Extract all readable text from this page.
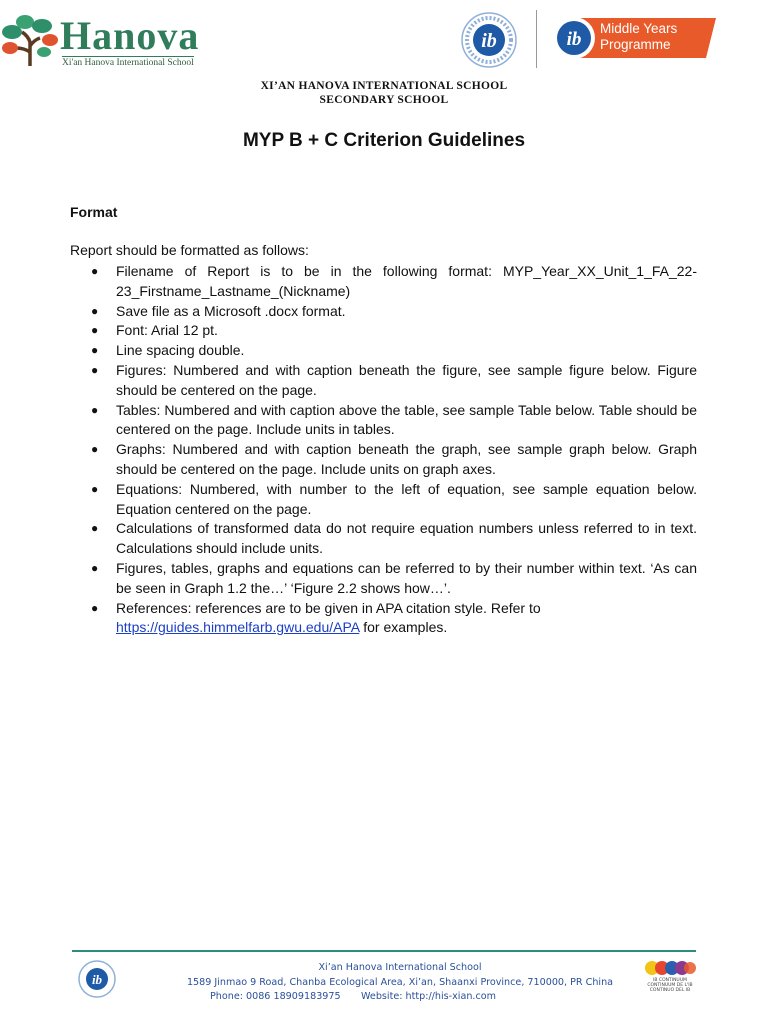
Hanova
Xi'an Hanova International School
ib	ib
Middle Years
Programme
XI’AN HANOVA INTERNATIONAL SCHOOL
SECONDARY SCHOOL
MYP B + C Criterion Guidelines
Format
Report should be formatted as follows:
● Filename of Report is to be in the following format: MYP_Year_XX_Unit_1_FA_22-23_Firstname_Lastname_(Nickname)
● Save file as a Microsoft .docx format.
● Font: Arial 12 pt.
● Line spacing double.
● Figures: Numbered and with caption beneath the figure, see sample figure below. Figure should be centered on the page.
● Tables: Numbered and with caption above the table, see sample Table below. Table should be centered on the page. Include units in tables.
● Graphs: Numbered and with caption beneath the graph, see sample graph below. Graph should be centered on the page. Include units on graph axes.
● Equations: Numbered, with number to the left of equation, see sample equation below. Equation centered on the page.
● Calculations of transformed data do not require equation numbers unless referred to in text. Calculations should include units.
● Figures, tables, graphs and equations can be referred to by their number within text. ‘As can be seen in Graph 1.2 the…’ ‘Figure 2.2 shows how…’.
● References: references are to be given in APA citation style. Refer to
https://guides.himmelfarb.gwu.edu/APA for examples.
ib
Xi’an Hanova International School
1589 Jinmao 9 Road, Chanba Ecological Area, Xi’an, Shaanxi Province, 710000, PR China
Phone: 0086 18909183975 Website: http://his-xian.com
IB CONTINUUM
CONTINUUM DE L'IB
CONTINUO DEL IB
